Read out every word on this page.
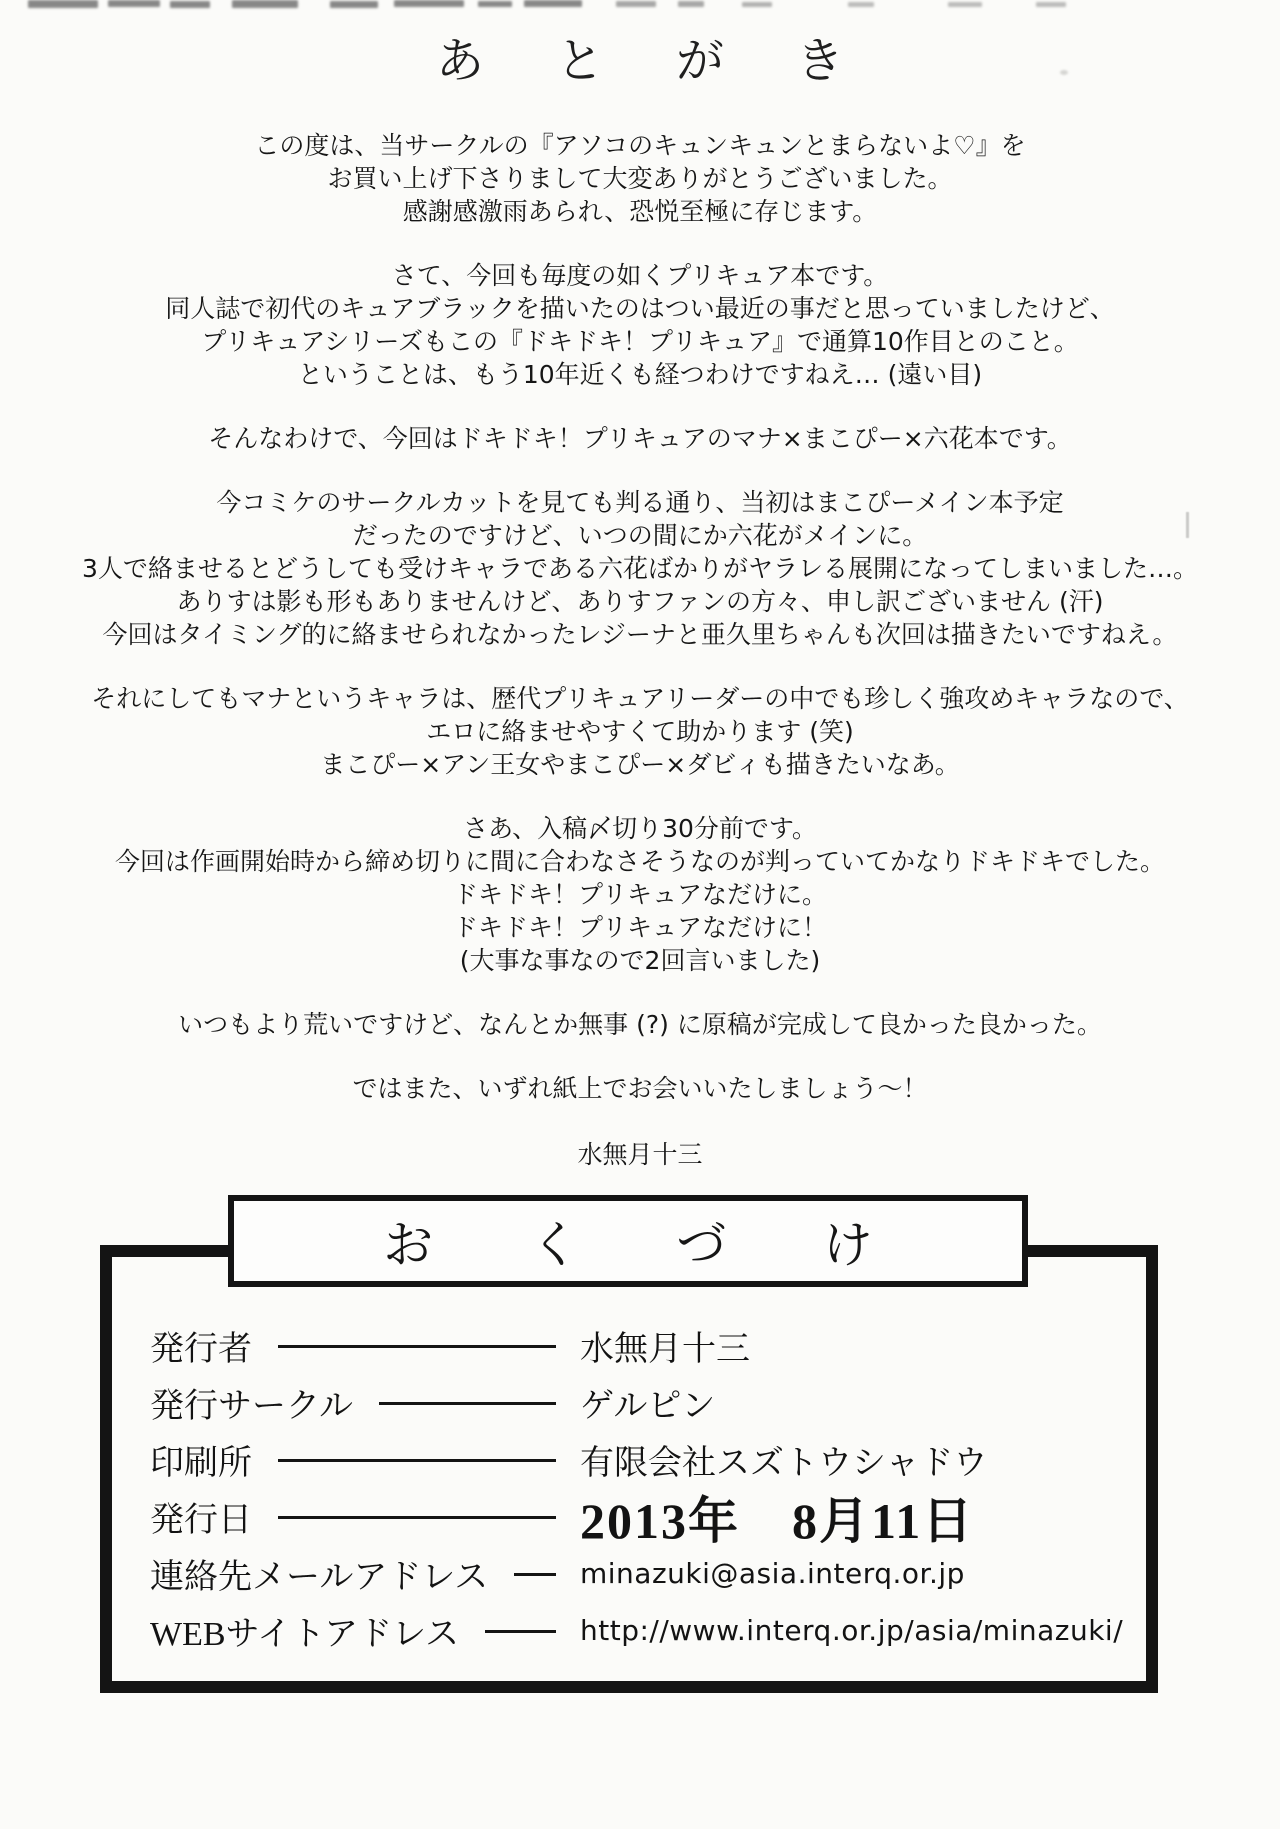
あ と が き
この度は、当サークルの『アソコのキュンキュンとまらないよ♡』を
お買い上げ下さりまして大変ありがとうございました。
感謝感激雨あられ、恐悦至極に存じます。
さて、今回も毎度の如くプリキュア本です。
同人誌で初代のキュアブラックを描いたのはつい最近の事だと思っていましたけど、
プリキュアシリーズもこの『ドキドキ！プリキュア』で通算10作目とのこと。
ということは、もう10年近くも経つわけですねえ… (遠い目)
そんなわけで、今回はドキドキ！プリキュアのマナ×まこぴー×六花本です。
今コミケのサークルカットを見ても判る通り、当初はまこぴーメイン本予定
だったのですけど、いつの間にか六花がメインに。
3人で絡ませるとどうしても受けキャラである六花ばかりがヤラレる展開になってしまいました…。
ありすは影も形もありませんけど、ありすファンの方々、申し訳ございません (汗)
今回はタイミング的に絡ませられなかったレジーナと亜久里ちゃんも次回は描きたいですねえ。
それにしてもマナというキャラは、歴代プリキュアリーダーの中でも珍しく強攻めキャラなので、
エロに絡ませやすくて助かります (笑)
まこぴー×アン王女やまこぴー×ダビィも描きたいなあ。
さあ、入稿〆切り30分前です。
今回は作画開始時から締め切りに間に合わなさそうなのが判っていてかなりドキドキでした。
ドキドキ！プリキュアなだけに。
ドキドキ！プリキュアなだけに！
(大事な事なので2回言いました)
いつもより荒いですけど、なんとか無事 (?) に原稿が完成して良かった良かった。
ではまた、いずれ紙上でお会いいたしましょう〜！
水無月十三
お く づ け
発行者	水無月十三
発行サークル	ゲルピン
印刷所	有限会社スズトウシャドウ
発行日	2013年　8月11日
連絡先メールアドレス	minazuki@asia.interq.or.jp
WEBサイトアドレス	http://www.interq.or.jp/asia/minazuki/
